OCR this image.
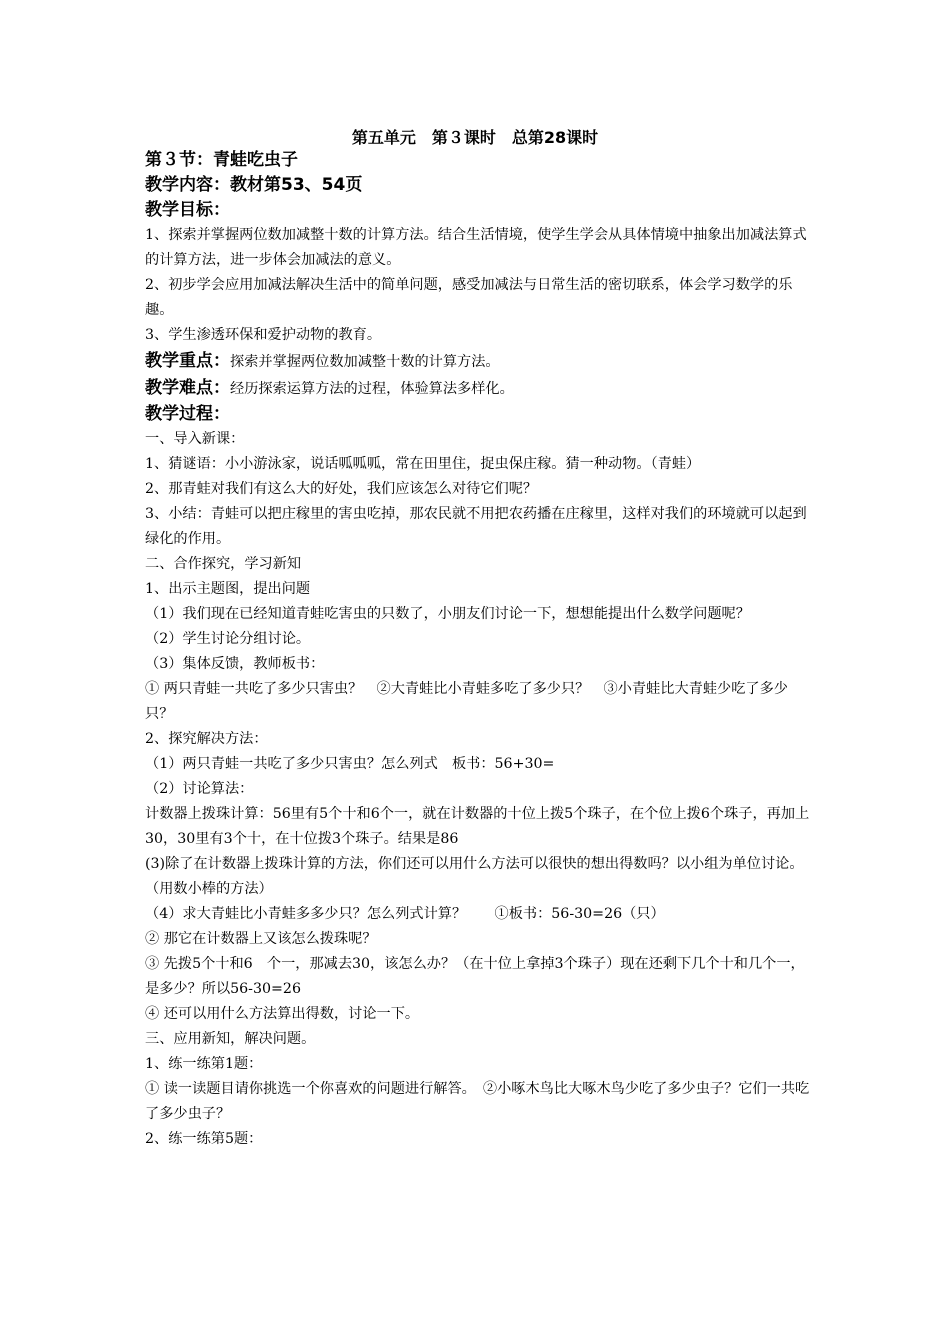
第五单元　第３课时　总第28课时
第３节：青蛙吃虫子
教学内容：教材第53、54页
教学目标：
1、探索并掌握两位数加减整十数的计算方法。结合生活情境，使学生学会从具体情境中抽象出加减法算式的计算方法，进一步体会加减法的意义。
2、初步学会应用加减法解决生活中的简单问题，感受加减法与日常生活的密切联系，体会学习数学的乐趣。
3、学生渗透环保和爱护动物的教育。
教学重点：探索并掌握两位数加减整十数的计算方法。
教学难点：经历探索运算方法的过程，体验算法多样化。
教学过程：
一、导入新课：
1、猜谜语：小小游泳家，说话呱呱呱，常在田里住，捉虫保庄稼。猜一种动物。（青蛙）
2、那青蛙对我们有这么大的好处，我们应该怎么对待它们呢？
3、小结：青蛙可以把庄稼里的害虫吃掉，那农民就不用把农药播在庄稼里，这样对我们的环境就可以起到绿化的作用。
二、合作探究，学习新知
1、出示主题图，提出问题
（1）我们现在已经知道青蛙吃害虫的只数了，小朋友们讨论一下，想想能提出什么数学问题呢？
（2）学生讨论分组讨论。
（3）集体反馈，教师板书：
① 两只青蛙一共吃了多少只害虫？　②大青蛙比小青蛙多吃了多少只？　③小青蛙比大青蛙少吃了多少只？
2、探究解决方法：
（1）两只青蛙一共吃了多少只害虫？怎么列式　板书：56+30=
（2）讨论算法：
计数器上拨珠计算：56里有5个十和6个一，就在计数器的十位上拨5个珠子，在个位上拨6个珠子，再加上　30，30里有3个十，在十位拨3个珠子。结果是86
(3)除了在计数器上拨珠计算的方法，你们还可以用什么方法可以很快的想出得数吗？以小组为单位讨论。（用数小棒的方法）
（4）求大青蛙比小青蛙多多少只？怎么列式计算？　　①板书：56-30=26（只）
② 那它在计数器上又该怎么拨珠呢？
③ 先拨5个十和6　个一，那减去30，该怎么办？（在十位上拿掉3个珠子）现在还剩下几个十和几个一，是多少？所以56-30=26
④ 还可以用什么方法算出得数，讨论一下。
三、应用新知，解决问题。
1、练一练第1题：
① 读一读题目请你挑选一个你喜欢的问题进行解答。　②小啄木鸟比大啄木鸟少吃了多少虫子？它们一共吃了多少虫子？
2、练一练第5题：
